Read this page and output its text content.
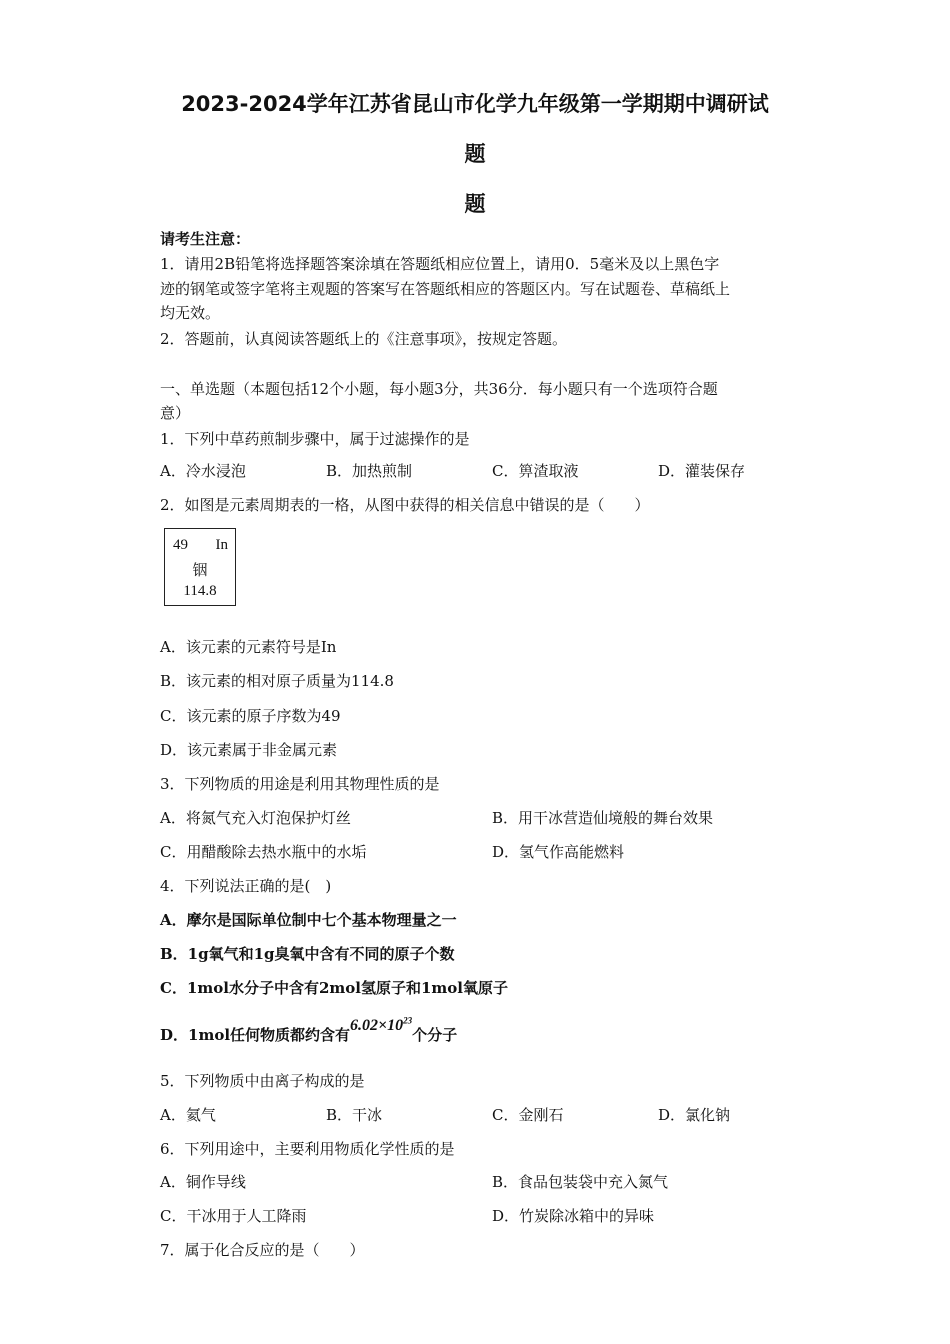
2023-2024学年江苏省昆山市化学九年级第一学期期中调研试
题
题
请考生注意：
1．请用2B铅笔将选择题答案涂填在答题纸相应位置上，请用0．5毫米及以上黑色字
迹的钢笔或签字笔将主观题的答案写在答题纸相应的答题区内。写在试题卷、草稿纸上
均无效。
2．答题前，认真阅读答题纸上的《注意事项》，按规定答题。
一、单选题（本题包括12个小题，每小题3分，共36分．每小题只有一个选项符合题
意）
1．下列中草药煎制步骤中，属于过滤操作的是
A．冷水浸泡	B．加热煎制	C．箅渣取液	D．灌装保存
2．如图是元素周期表的一格，从图中获得的相关信息中错误的是（　　）
49 In
铟
114.8
A．该元素的元素符号是In
B．该元素的相对原子质量为114.8
C．该元素的原子序数为49
D．该元素属于非金属元素
3．下列物质的用途是利用其物理性质的是
A．将氮气充入灯泡保护灯丝	B．用干冰营造仙境般的舞台效果
C．用醋酸除去热水瓶中的水垢	D．氢气作高能燃料
4．下列说法正确的是(　)
A．摩尔是国际单位制中七个基本物理量之一
B．1g氧气和1g臭氧中含有不同的原子个数
C．1mol水分子中含有2mol氢原子和1mol氧原子
D．1mol任何物质都约含有$6.02\times 10^{23}$个分子
5．下列物质中由离子构成的是
A．氦气	B．干冰	C．金刚石	D．氯化钠
6．下列用途中，主要利用物质化学性质的是
A．铜作导线	B．食品包装袋中充入氮气
C．干冰用于人工降雨	D．竹炭除冰箱中的异味
7．属于化合反应的是（　　）
